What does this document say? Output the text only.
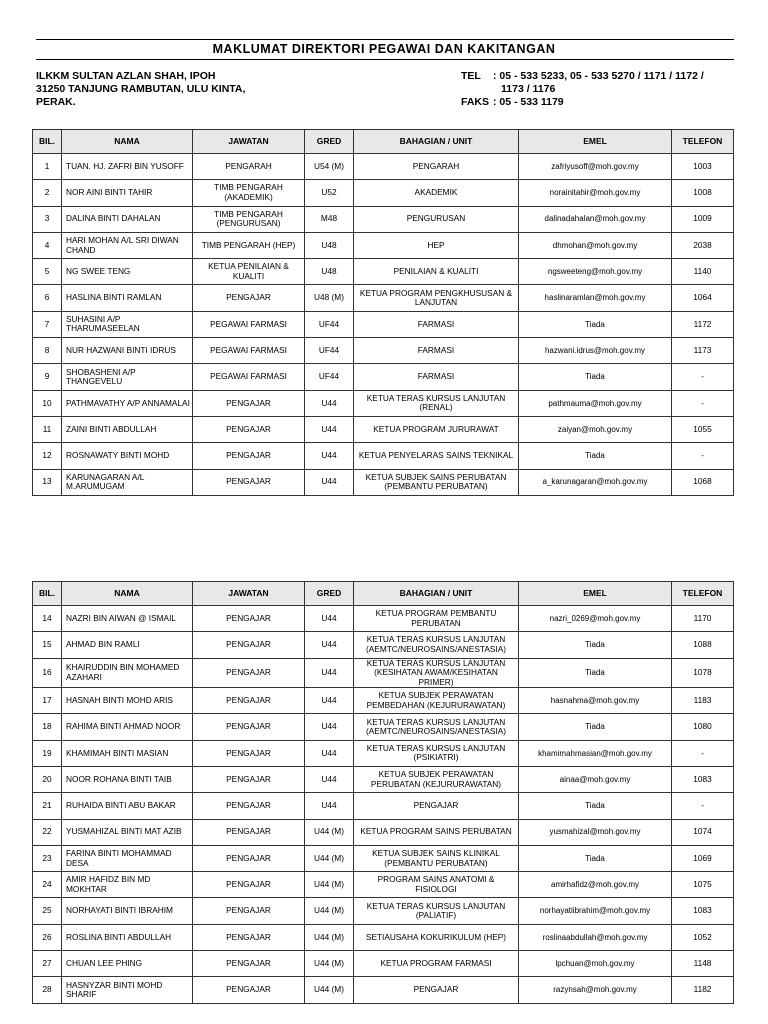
MAKLUMAT DIREKTORI PEGAWAI DAN KAKITANGAN
ILKKM SULTAN AZLAN SHAH, IPOH
31250 TANJUNG RAMBUTAN, ULU KINTA,
PERAK.
TEL	: 05 - 533 5233, 05 - 533 5270 / 1171 / 1172 /
1173 / 1176
FAKS : 05 - 533 1179
BIL.	NAMA	JAWATAN	GRED	BAHAGIAN / UNIT	EMEL	TELEFON
1	TUAN. HJ. ZAFRI BIN YUSOFF	PENGARAH	U54 (M)	PENGARAH	zafriyusoff@moh.gov.my	1003
2	NOR AINI BINTI TAHIR	TIMB PENGARAH (AKADEMIK)	U52	AKADEMIK	norainitahir@moh.gov.my	1008
3	DALINA BINTI DAHALAN	TIMB PENGARAH (PENGURUSAN)	M48	PENGURUSAN	dalinadahalan@moh.gov.my	1009
4	HARI MOHAN A/L SRI DIWAN CHAND	TIMB PENGARAH (HEP)	U48	HEP	dhmohan@moh.gov.my	2038
5	NG SWEE TENG	KETUA PENILAIAN & KUALITI	U48	PENILAIAN & KUALITI	ngsweeteng@moh.gov.my	1140
6	HASLINA BINTI RAMLAN	PENGAJAR	U48 (M)	KETUA PROGRAM PENGKHUSUSAN & LANJUTAN	haslinaramlan@moh.gov.my	1064
7	SUHASINI A/P THARUMASEELAN	PEGAWAI FARMASI	UF44	FARMASI	Tiada	1172
8	NUR HAZWANI BINTI IDRUS	PEGAWAI FARMASI	UF44	FARMASI	hazwani.idrus@moh.gov.my	1173
9	SHOBASHENI A/P THANGEVELU	PEGAWAI FARMASI	UF44	FARMASI	Tiada	-
10	PATHMAVATHY A/P ANNAMALAI	PENGAJAR	U44	KETUA TERAS KURSUS LANJUTAN (RENAL)	pathmauma@moh.gov.my	-
11	ZAINI BINTI ABDULLAH	PENGAJAR	U44	KETUA PROGRAM JURURAWAT	zaiyan@moh.gov.my	1055
12	ROSNAWATY BINTI MOHD	PENGAJAR	U44	KETUA PENYELARAS SAINS TEKNIKAL	Tiada	-
13	KARUNAGARAN A/L M.ARUMUGAM	PENGAJAR	U44	KETUA SUBJEK SAINS PERUBATAN (PEMBANTU PERUBATAN)	a_karunagaran@moh.gov.my	1068
BIL.	NAMA	JAWATAN	GRED	BAHAGIAN / UNIT	EMEL	TELEFON
14	NAZRI BIN AIWAN @ ISMAIL	PENGAJAR	U44	KETUA PROGRAM PEMBANTU PERUBATAN	nazri_0269@moh.gov.my	1170
15	AHMAD BIN RAMLI	PENGAJAR	U44	KETUA TERAS KURSUS LANJUTAN (AEMTC/NEUROSAINS/ANESTASIA)	Tiada	1088
16	KHAIRUDDIN BIN MOHAMED AZAHARI	PENGAJAR	U44	KETUA TERAS KURSUS LANJUTAN (KESIHATAN AWAM/KESIHATAN PRIMER)	Tiada	1078
17	HASNAH BINTI MOHD ARIS	PENGAJAR	U44	KETUA SUBJEK PERAWATAN PEMBEDAHAN (KEJURURAWATAN)	hasnahma@moh.gov.my	1183
18	RAHIMA BINTI AHMAD NOOR	PENGAJAR	U44	KETUA TERAS KURSUS LANJUTAN (AEMTC/NEUROSAINS/ANESTASIA)	Tiada	1080
19	KHAMIMAH BINTI MASIAN	PENGAJAR	U44	KETUA TERAS KURSUS LANJUTAN (PSIKIATRI)	khamimahmasian@moh.gov.my	-
20	NOOR ROHANA BINTI TAIB	PENGAJAR	U44	KETUA SUBJEK PERAWATAN PERUBATAN (KEJURURAWATAN)	ainaa@moh.gov.my	1083
21	RUHAIDA BINTI ABU BAKAR	PENGAJAR	U44	PENGAJAR	Tiada	-
22	YUSMAHIZAL BINTI MAT AZIB	PENGAJAR	U44 (M)	KETUA PROGRAM SAINS PERUBATAN	yusmahizal@moh.gov.my	1074
23	FARINA BINTI MOHAMMAD DESA	PENGAJAR	U44 (M)	KETUA SUBJEK SAINS KLINIKAL (PEMBANTU PERUBATAN)	Tiada	1069
24	AMIR HAFIDZ BIN MD MOKHTAR	PENGAJAR	U44 (M)	PROGRAM SAINS ANATOMI & FISIOLOGI	amirhafidz@moh.gov.my	1075
25	NORHAYATI BINTI IBRAHIM	PENGAJAR	U44 (M)	KETUA TERAS KURSUS LANJUTAN (PALIATIF)	norhayatiibrahim@moh.gov.my	1083
26	ROSLINA BINTI ABDULLAH	PENGAJAR	U44 (M)	SETIAUSAHA KOKURIKULUM (HEP)	roslinaabdullah@moh.gov.my	1052
27	CHUAN LEE PHING	PENGAJAR	U44 (M)	KETUA PROGRAM FARMASI	lpchuan@moh.gov.my	1148
28	HASNYZAR BINTI MOHD SHARIF	PENGAJAR	U44 (M)	PENGAJAR	razynsah@moh.gov.my	1182
